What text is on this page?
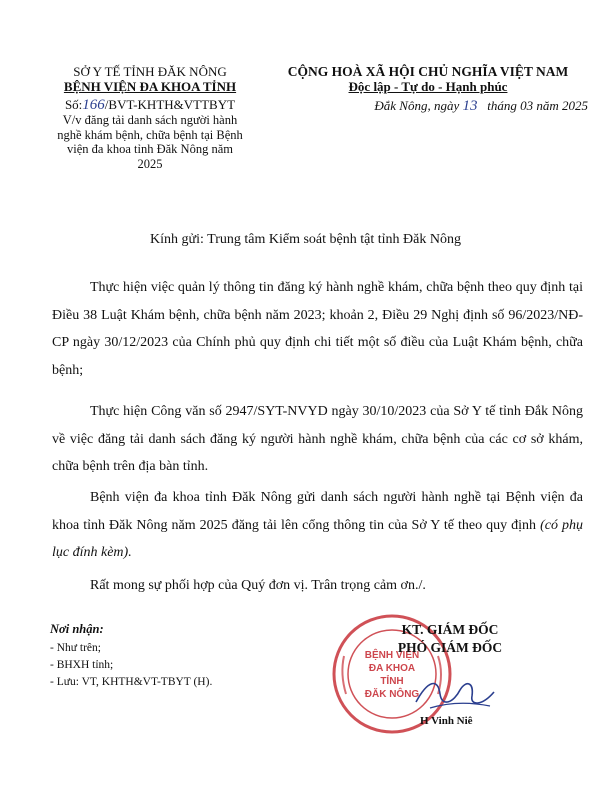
SỞ Y TẾ TỈNH ĐĂK NÔNG
BỆNH VIỆN ĐA KHOA TỈNH
Số:166/BVT-KHTH&VTTBYT
V/v đăng tải danh sách người hành
nghề khám bệnh, chữa bệnh tại Bệnh
viện đa khoa tỉnh Đăk Nông năm
2025
CỘNG HOÀ XÃ HỘI CHỦ NGHĨA VIỆT NAM
Độc lập - Tự do - Hạnh phúc
Đắk Nông, ngày 13 tháng 03 năm 2025
Kính gửi: Trung tâm Kiểm soát bệnh tật tỉnh Đăk Nông
Thực hiện việc quản lý thông tin đăng ký hành nghề khám, chữa bệnh theo quy định tại Điều 38 Luật Khám bệnh, chữa bệnh năm 2023; khoản 2, Điều 29 Nghị định số 96/2023/NĐ-CP ngày 30/12/2023 của Chính phủ quy định chi tiết một số điều của Luật Khám bệnh, chữa bệnh;
Thực hiện Công văn số 2947/SYT-NVYD ngày 30/10/2023 của Sở Y tế tỉnh Đắk Nông về việc đăng tải danh sách đăng ký người hành nghề khám, chữa bệnh của các cơ sở khám, chữa bệnh trên địa bàn tỉnh.
Bệnh viện đa khoa tỉnh Đăk Nông gửi danh sách người hành nghề tại Bệnh viện đa khoa tỉnh Đăk Nông năm 2025 đăng tải lên cổng thông tin của Sở Y tế theo quy định (có phụ lục đính kèm).
Rất mong sự phối hợp của Quý đơn vị. Trân trọng cảm ơn./.
Nơi nhận:
- Như trên;
- BHXH tỉnh;
- Lưu: VT, KHTH&VT-TBYT (H).
BỆNH VIỆN
ĐA KHOA
TỈNH
ĐĂK NÔNG
KT. GIÁM ĐỐC
PHÓ GIÁM ĐỐC
H Vinh Niê
